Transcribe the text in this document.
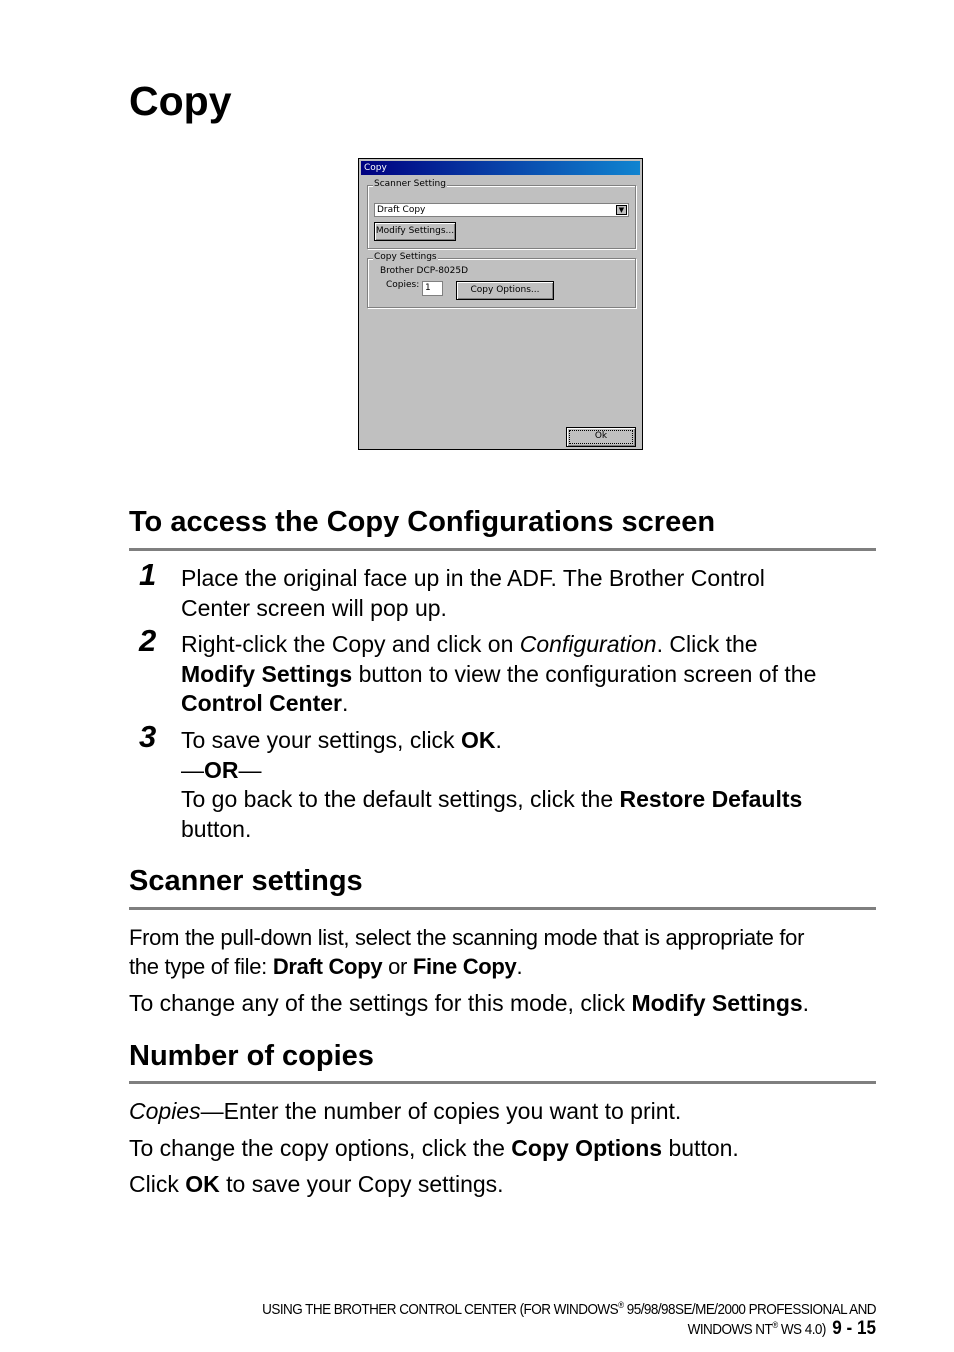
Copy
Copy
Scanner Setting
Draft Copy	▼
Modify Settings...
Copy Settings
Brother DCP-8025D
Copies: 1	Copy Options...
Ok
To access the Copy Configurations screen
1 Place the original face up in the ADF. The Brother Control
Center screen will pop up.
2 Right-click the Copy and click on Configuration. Click the
Modify Settings button to view the configuration screen of the
Control Center.
3 To save your settings, click OK.
—OR—
To go back to the default settings, click the Restore Defaults
button.
Scanner settings
From the pull-down list, select the scanning mode that is appropriate for
the type of file: Draft Copy or Fine Copy.
To change any of the settings for this mode, click Modify Settings.
Number of copies
Copies—Enter the number of copies you want to print.
To change the copy options, click the Copy Options button.
Click OK to save your Copy settings.
USING THE BROTHER CONTROL CENTER (FOR WINDOWS® 95/98/98SE/ME/2000 PROFESSIONAL AND WINDOWS NT® WS 4.0) 9 - 15
